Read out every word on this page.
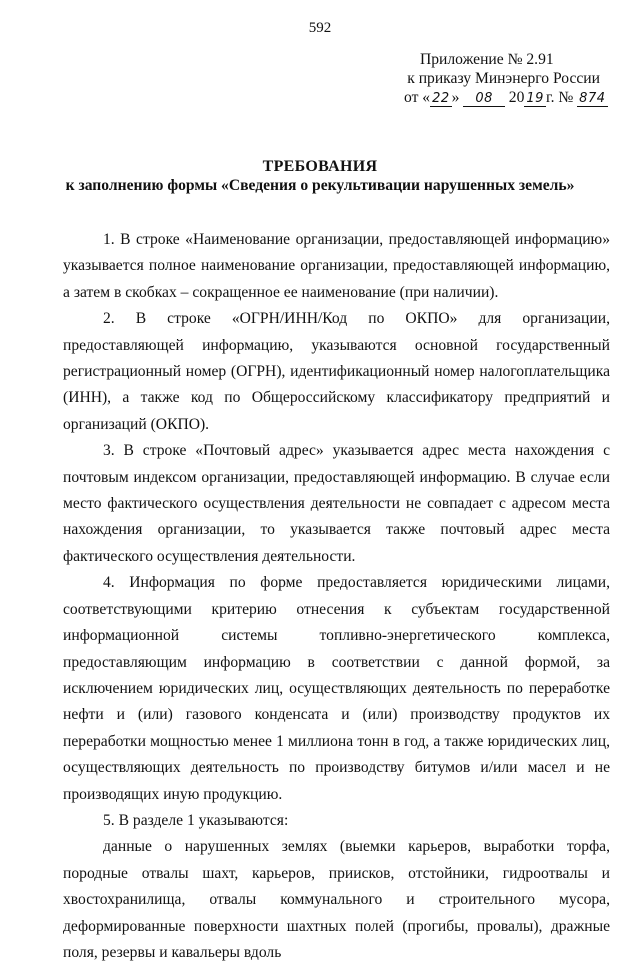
592
Приложение № 2.91
к приказу Минэнерго России
от « 22 » 08 20 19 г. № 874
ТРЕБОВАНИЯ
к заполнению формы «Сведения о рекультивации нарушенных земель»

1. В строке «Наименование организации, предоставляющей информацию» указывается полное наименование организации, предоставляющей информацию, а затем в скобках – сокращенное ее наименование (при наличии).

2. В строке «ОГРН/ИНН/Код по ОКПО» для организации, предоставляющей информацию, указываются основной государственный регистрационный номер (ОГРН), идентификационный номер налогоплательщика (ИНН), а также код по Общероссийскому классификатору предприятий и организаций (ОКПО).

3. В строке «Почтовый адрес» указывается адрес места нахождения с почтовым индексом организации, предоставляющей информацию. В случае если место фактического осуществления деятельности не совпадает с адресом места нахождения организации, то указывается также почтовый адрес места фактического осуществления деятельности.

4. Информация по форме предоставляется юридическими лицами, соответствующими критерию отнесения к субъектам государственной информационной системы топливно-энергетического комплекса, предоставляющим информацию в соответствии с данной формой, за исключением юридических лиц, осуществляющих деятельность по переработке нефти и (или) газового конденсата и (или) производству продуктов их переработки мощностью менее 1 миллиона тонн в год, а также юридических лиц, осуществляющих деятельность по производству битумов и/или масел и не производящих иную продукцию.

5. В разделе 1 указываются:

данные о нарушенных землях (выемки карьеров, выработки торфа, породные отвалы шахт, карьеров, приисков, отстойники, гидроотвалы и хвостохранилища, отвалы коммунального и строительного мусора, деформированные поверхности шахтных полей (прогибы, провалы), дражные поля, резервы и кавальеры вдоль
